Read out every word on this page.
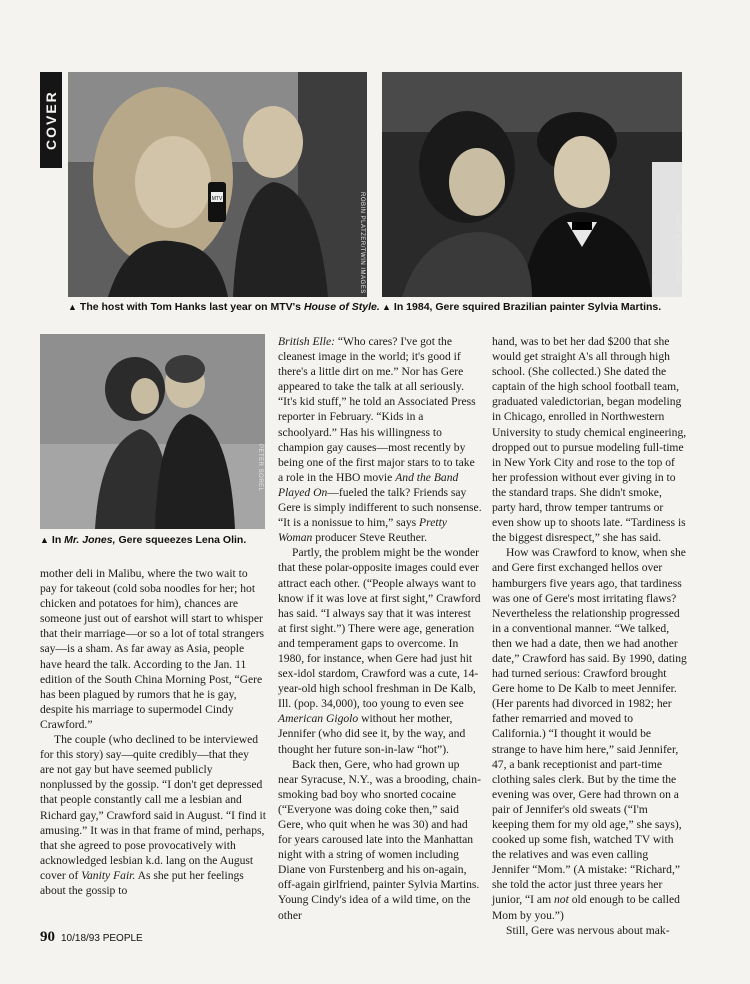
COVER
MTV	ROBIN PLATZER/TWIN IMAGES
▲ The host with Tom Hanks last year on MTV's House of Style.
DAVID MCGOUGH/DMI
▲ In 1984, Gere squired Brazilian painter Sylvia Martins.
PETER SOREL
▲ In Mr. Jones, Gere squeezes Lena Olin.

mother deli in Malibu, where the two wait to pay for takeout (cold soba noodles for her; hot chicken and potatoes for him), chances are someone just out of earshot will start to whisper that their marriage—or so a lot of total strangers say—is a sham. As far away as Asia, people have heard the talk. According to the Jan. 11 edition of the South China Morning Post, “Gere has been plagued by rumors that he is gay, despite his marriage to supermodel Cindy Crawford.”

The couple (who declined to be interviewed for this story) say—quite credibly—that they are not gay but have seemed publicly nonplussed by the gossip. “I don't get depressed that people constantly call me a lesbian and Richard gay,” Crawford said in August. “I find it amusing.” It was in that frame of mind, perhaps, that she agreed to pose provocatively with acknowledged lesbian k.d. lang on the August cover of Vanity Fair. As she put her feelings about the gossip to

British Elle: “Who cares? I've got the cleanest image in the world; it's good if there's a little dirt on me.” Nor has Gere appeared to take the talk at all seriously. “It's kid stuff,” he told an Associated Press reporter in February. “Kids in a schoolyard.” Has his willingness to champion gay causes—most recently by being one of the first major stars to to take a role in the HBO movie And the Band Played On—fueled the talk? Friends say Gere is simply indifferent to such nonsense. “It is a nonissue to him,” says Pretty Woman producer Steve Reuther.

Partly, the problem might be the wonder that these polar-opposite images could ever attract each other. (“People always want to know if it was love at first sight,” Crawford has said. “I always say that it was interest at first sight.”) There were age, generation and temperament gaps to overcome. In 1980, for instance, when Gere had just hit sex-idol stardom, Crawford was a cute, 14-year-old high school freshman in De Kalb, Ill. (pop. 34,000), too young to even see American Gigolo without her mother, Jennifer (who did see it, by the way, and thought her future son-in-law “hot”).

Back then, Gere, who had grown up near Syracuse, N.Y., was a brooding, chain-smoking bad boy who snorted cocaine (“Everyone was doing coke then,” said Gere, who quit when he was 30) and had for years caroused late into the Manhattan night with a string of women including Diane von Furstenberg and his on-again, off-again girlfriend, painter Sylvia Martins. Young Cindy's idea of a wild time, on the other

hand, was to bet her dad $200 that she would get straight A's all through high school. (She collected.) She dated the captain of the high school football team, graduated valedictorian, began modeling in Chicago, enrolled in Northwestern University to study chemical engineering, dropped out to pursue modeling full-time in New York City and rose to the top of her profession without ever giving in to the standard traps. She didn't smoke, party hard, throw temper tantrums or even show up to shoots late. “Tardiness is the biggest disrespect,” she has said.

How was Crawford to know, when she and Gere first exchanged hellos over hamburgers five years ago, that tardiness was one of Gere's most irritating flaws? Nevertheless the relationship progressed in a conventional manner. “We talked, then we had a date, then we had another date,” Crawford has said. By 1990, dating had turned serious: Crawford brought Gere home to De Kalb to meet Jennifer. (Her parents had divorced in 1982; her father remarried and moved to California.) “I thought it would be strange to have him here,” said Jennifer, 47, a bank receptionist and part-time clothing sales clerk. But by the time the evening was over, Gere had thrown on a pair of Jennifer's old sweats (“I'm keeping them for my old age,” she says), cooked up some fish, watched TV with the relatives and was even calling Jennifer “Mom.” (A mistake: “Richard,” she told the actor just three years her junior, “I am not old enough to be called Mom by you.”)

Still, Gere was nervous about mak-

90 10/18/93 PEOPLE
